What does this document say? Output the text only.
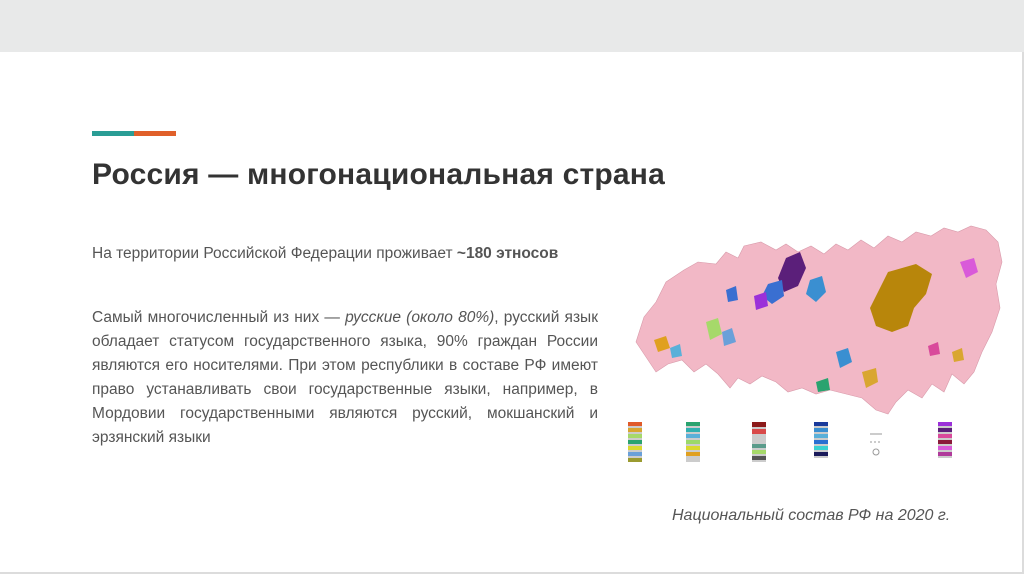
Россия — многонациональная страна

На территории Российской Федерации проживает ~180 этносов

Самый многочисленный из них — русские (около 80%), русский язык обладает статусом государственного языка, 90% граждан России являются его носителями. При этом республики в составе РФ имеют право устанавливать свои государственные языки, например, в Мордовии государственными являются русский, мокшанский и эрзянский языки

Национальный состав РФ на 2020 г.
